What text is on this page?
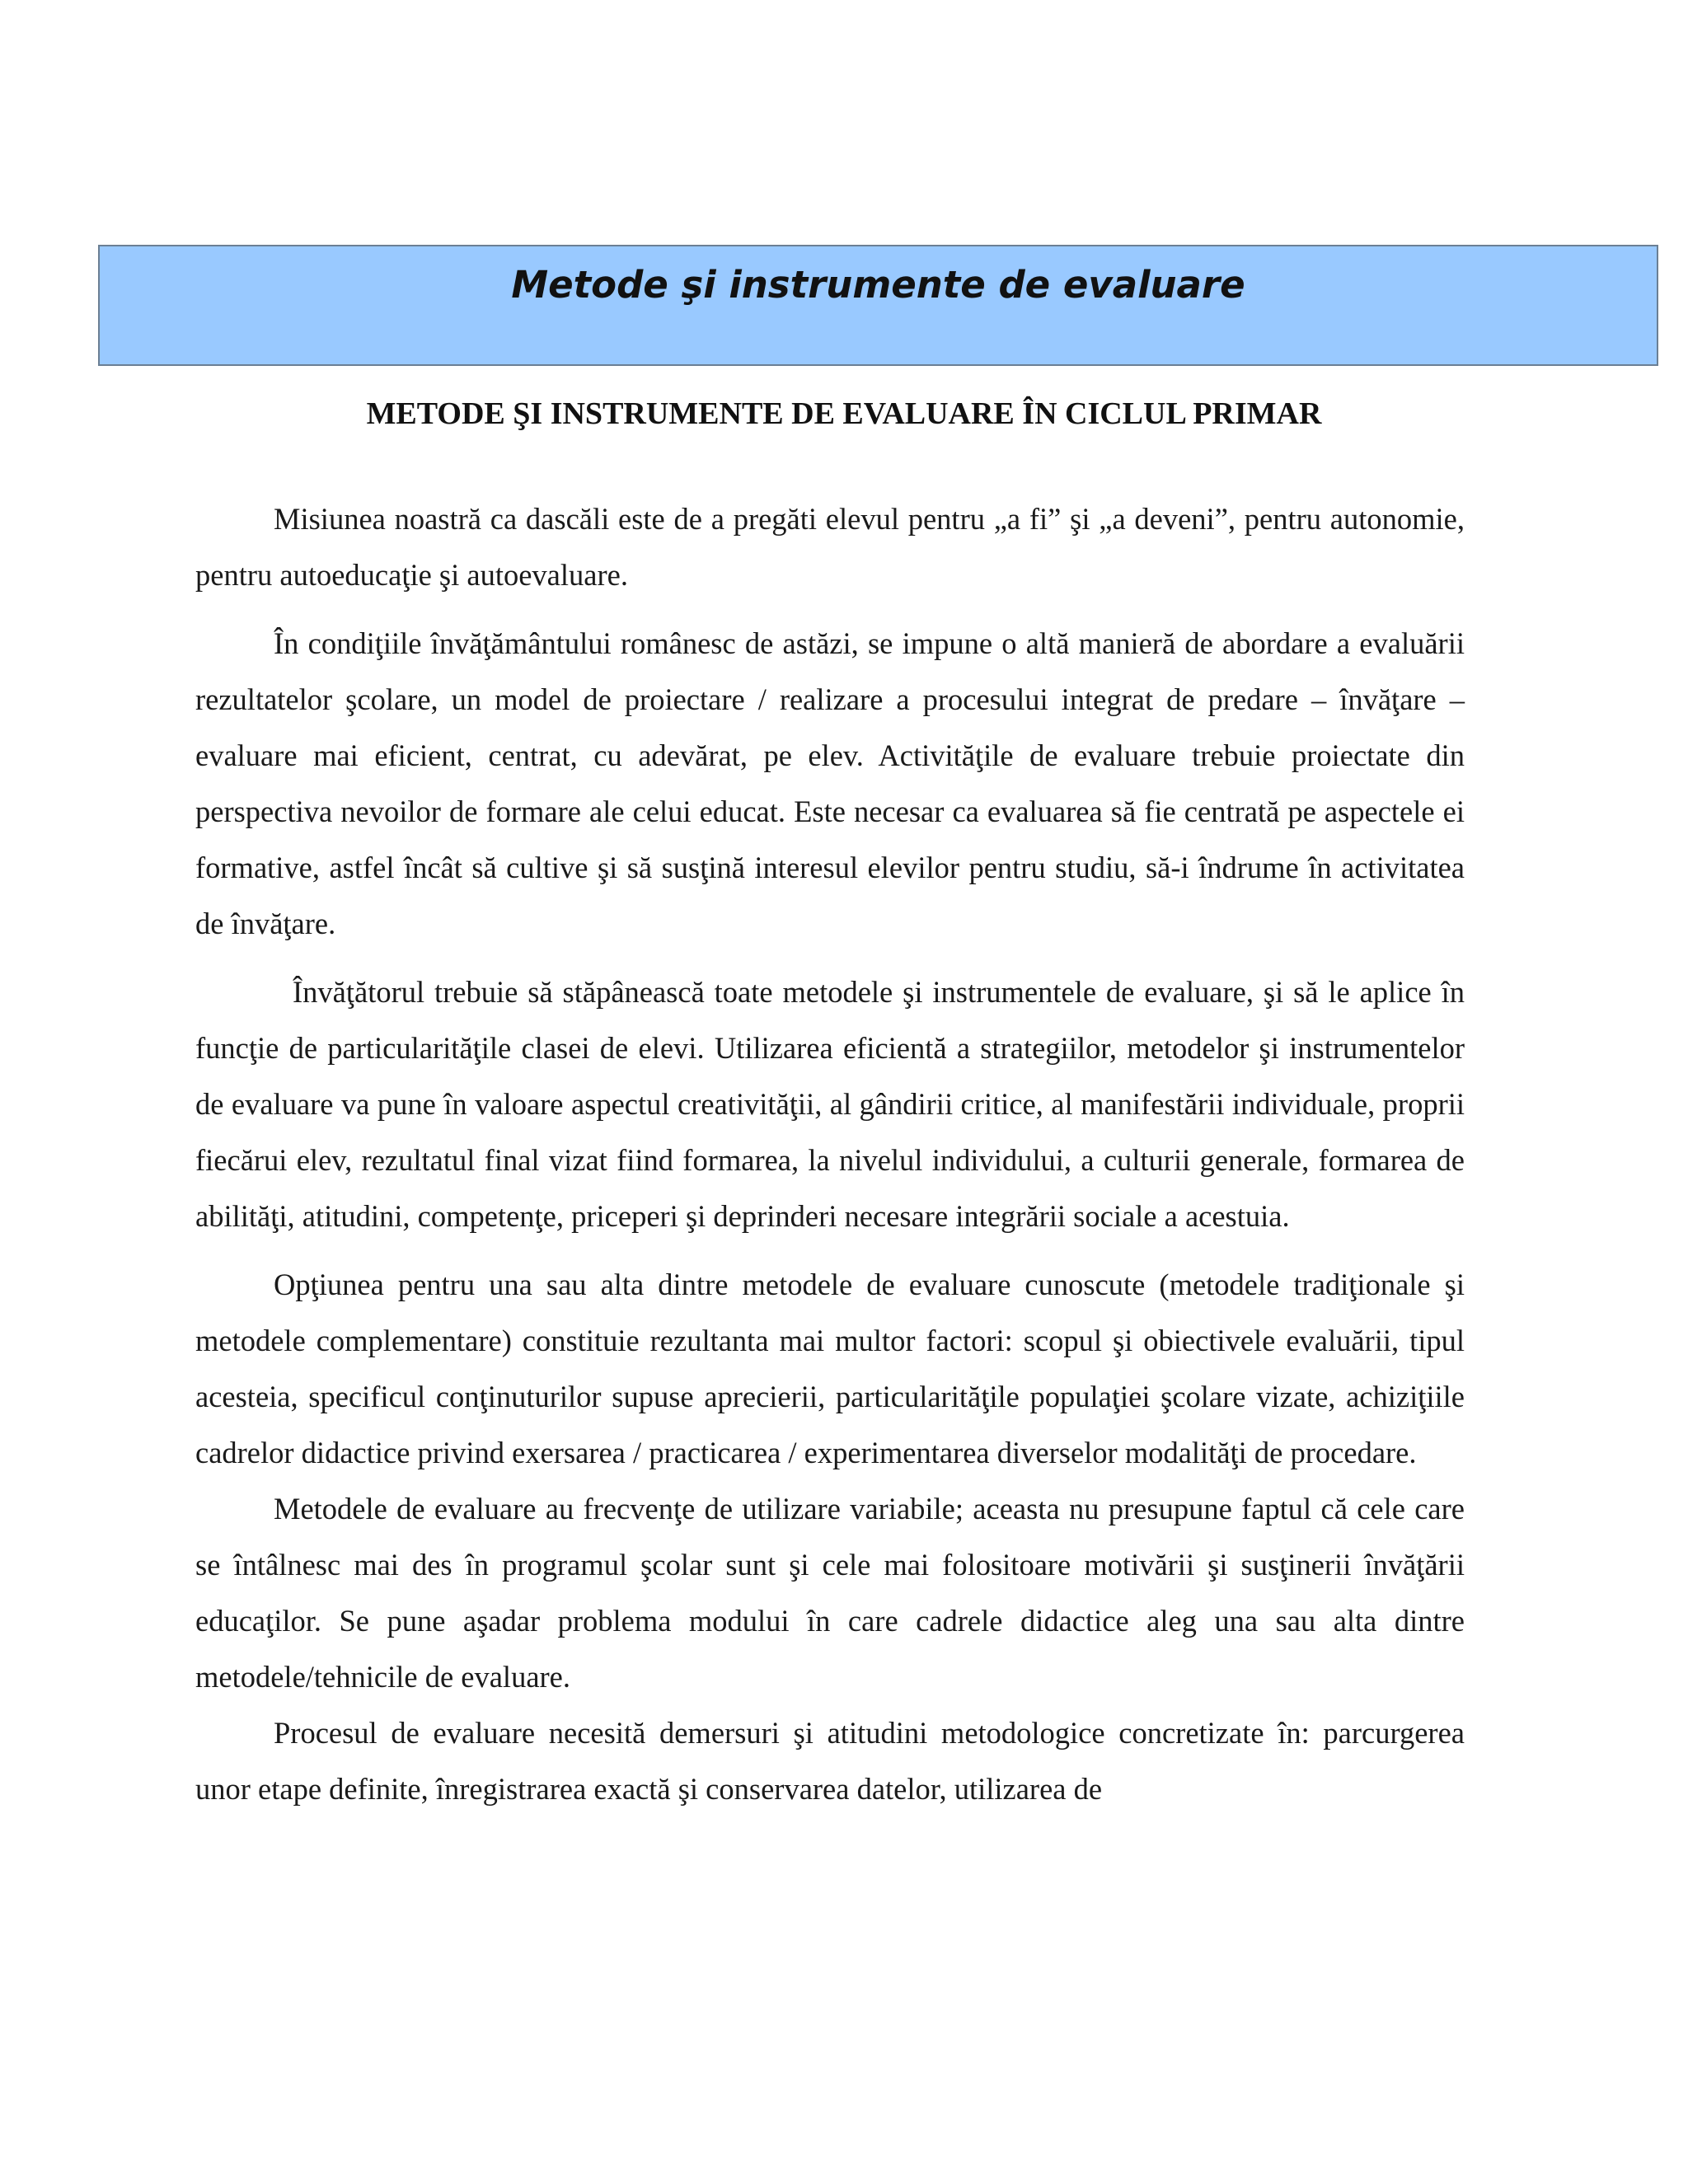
Metode şi instrumente de evaluare
METODE ŞI INSTRUMENTE DE EVALUARE ÎN CICLUL PRIMAR

Misiunea noastră ca dascăli este de a pregăti elevul pentru „a fi” şi „a deveni”, pentru autonomie, pentru autoeducaţie şi autoevaluare.

În condiţiile învăţământului românesc de astăzi, se impune o altă manieră de abordare a evaluării rezultatelor şcolare, un model de proiectare / realizare a procesului integrat de predare – învăţare – evaluare mai eficient, centrat, cu adevărat, pe elev. Activităţile de evaluare trebuie proiectate din perspectiva nevoilor de formare ale celui educat. Este necesar ca evaluarea să fie centrată pe aspectele ei formative, astfel încât să cultive şi să susţină interesul elevilor pentru studiu, să-i îndrume în activitatea de învăţare.

Învăţătorul trebuie să stăpânească toate metodele şi instrumentele de evaluare, şi să le aplice în funcţie de particularităţile clasei de elevi. Utilizarea eficientă a strategiilor, metodelor şi instrumentelor de evaluare va pune în valoare aspectul creativităţii, al gândirii critice, al manifestării individuale, proprii fiecărui elev, rezultatul final vizat fiind formarea, la nivelul individului, a culturii generale, formarea de abilităţi, atitudini, competenţe, priceperi şi deprinderi necesare integrării sociale a acestuia.

Opţiunea pentru una sau alta dintre metodele de evaluare cunoscute (metodele tradiţionale şi metodele complementare) constituie rezultanta mai multor factori: scopul şi obiectivele evaluării, tipul acesteia, specificul conţinuturilor supuse aprecierii, particularităţile populaţiei şcolare vizate, achiziţiile cadrelor didactice privind exersarea / practicarea / experimentarea diverselor modalităţi de procedare.

Metodele de evaluare au frecvenţe de utilizare variabile; aceasta nu presupune faptul că cele care se întâlnesc mai des în programul şcolar sunt şi cele mai folositoare motivării şi susţinerii învăţării educaţilor. Se pune aşadar problema modului în care cadrele didactice aleg una sau alta dintre metodele/tehnicile de evaluare.

Procesul de evaluare necesită demersuri şi atitudini metodologice concretizate în: parcurgerea unor etape definite, înregistrarea exactă şi conservarea datelor, utilizarea de
